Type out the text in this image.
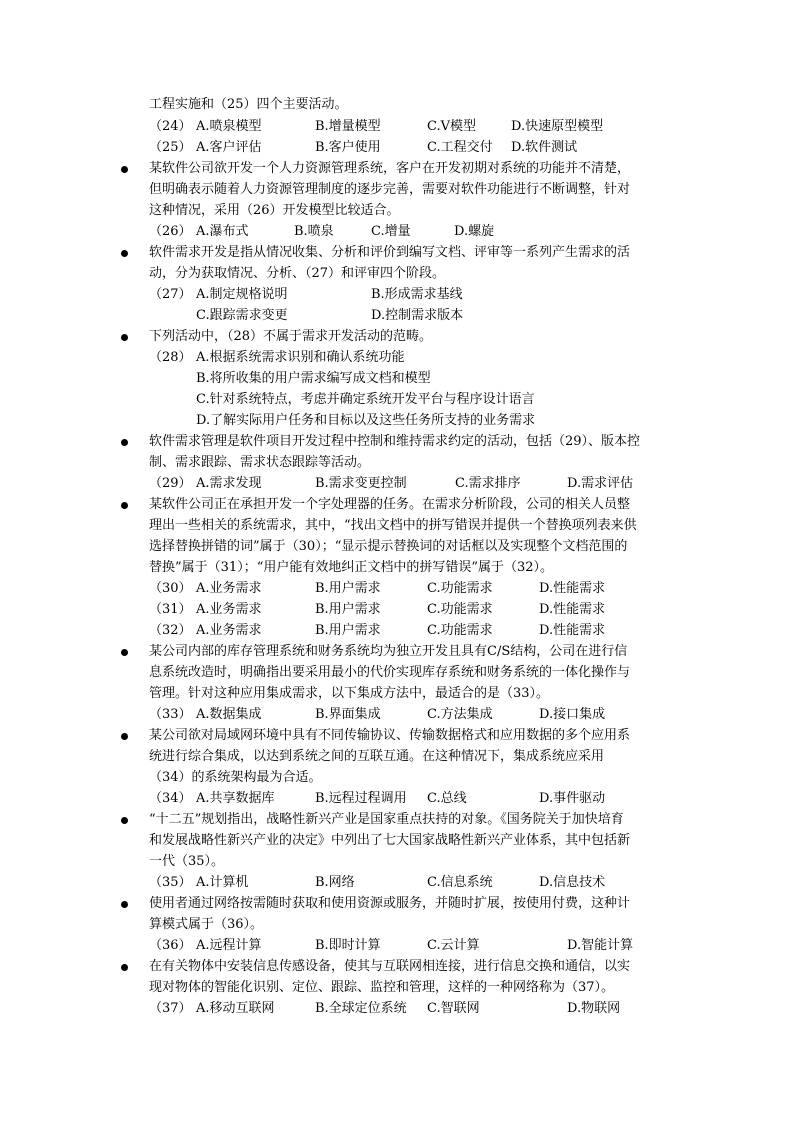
工程实施和（25）四个主要活动。
（24） A.喷泉模型	B.增量模型	C.V模型	D.快速原型模型
（25） A.客户评估	B.客户使用	C.工程交付 D.软件测试
某软件公司欲开发一个人力资源管理系统，客户在开发初期对系统的功能并不清楚，
但明确表示随着人力资源管理制度的逐步完善，需要对软件功能进行不断调整，针对
这种情况，采用（26）开发模型比较适合。
（26） A.瀑布式	B.喷泉	C.增量	D.螺旋
软件需求开发是指从情况收集、分析和评价到编写文档、评审等一系列产生需求的活
动，分为获取情况、分析、（27）和评审四个阶段。
（27） A.制定规格说明	B.形成需求基线
C.跟踪需求变更	D.控制需求版本
下列活动中，（28）不属于需求开发活动的范畴。
（28） A.根据系统需求识别和确认系统功能
B.将所收集的用户需求编写成文档和模型
C.针对系统特点，考虑并确定系统开发平台与程序设计语言
D.了解实际用户任务和目标以及这些任务所支持的业务需求
软件需求管理是软件项目开发过程中控制和维持需求约定的活动，包括（29）、版本控
制、需求跟踪、需求状态跟踪等活动。
（29） A.需求发现	B.需求变更控制	C.需求排序	D.需求评估
某软件公司正在承担开发一个字处理器的任务。在需求分析阶段，公司的相关人员整
理出一些相关的系统需求，其中，“找出文档中的拼写错误并提供一个替换项列表来供
选择替换拼错的词”属于（30）；“显示提示替换词的对话框以及实现整个文档范围的
替换”属于（31）；“用户能有效地纠正文档中的拼写错误”属于（32）。
（30） A.业务需求	B.用户需求	C.功能需求	D.性能需求
（31） A.业务需求	B.用户需求	C.功能需求	D.性能需求
（32） A.业务需求	B.用户需求	C.功能需求	D.性能需求
某公司内部的库存管理系统和财务系统均为独立开发且具有C/S结构，公司在进行信
息系统改造时，明确指出要采用最小的代价实现库存系统和财务系统的一体化操作与
管理。针对这种应用集成需求，以下集成方法中，最适合的是（33）。
（33） A.数据集成	B.界面集成	C.方法集成	D.接口集成
某公司欲对局域网环境中具有不同传输协议、传输数据格式和应用数据的多个应用系
统进行综合集成，以达到系统之间的互联互通。在这种情况下，集成系统应采用
（34）的系统架构最为合适。
（34） A.共享数据库	B.远程过程调用 C.总线	D.事件驱动
“十二五”规划指出，战略性新兴产业是国家重点扶持的对象。《国务院关于加快培育
和发展战略性新兴产业的决定》中列出了七大国家战略性新兴产业体系，其中包括新
一代（35）。
（35） A.计算机	B.网络	C.信息系统	D.信息技术
使用者通过网络按需随时获取和使用资源或服务，并随时扩展，按使用付费，这种计
算模式属于（36）。
（36） A.远程计算	B.即时计算	C.云计算	D.智能计算
在有关物体中安装信息传感设备，使其与互联网相连接，进行信息交换和通信，以实
现对物体的智能化识别、定位、跟踪、监控和管理，这样的一种网络称为（37）。
（37） A.移动互联网	B.全球定位系统 C.智联网	D.物联网
